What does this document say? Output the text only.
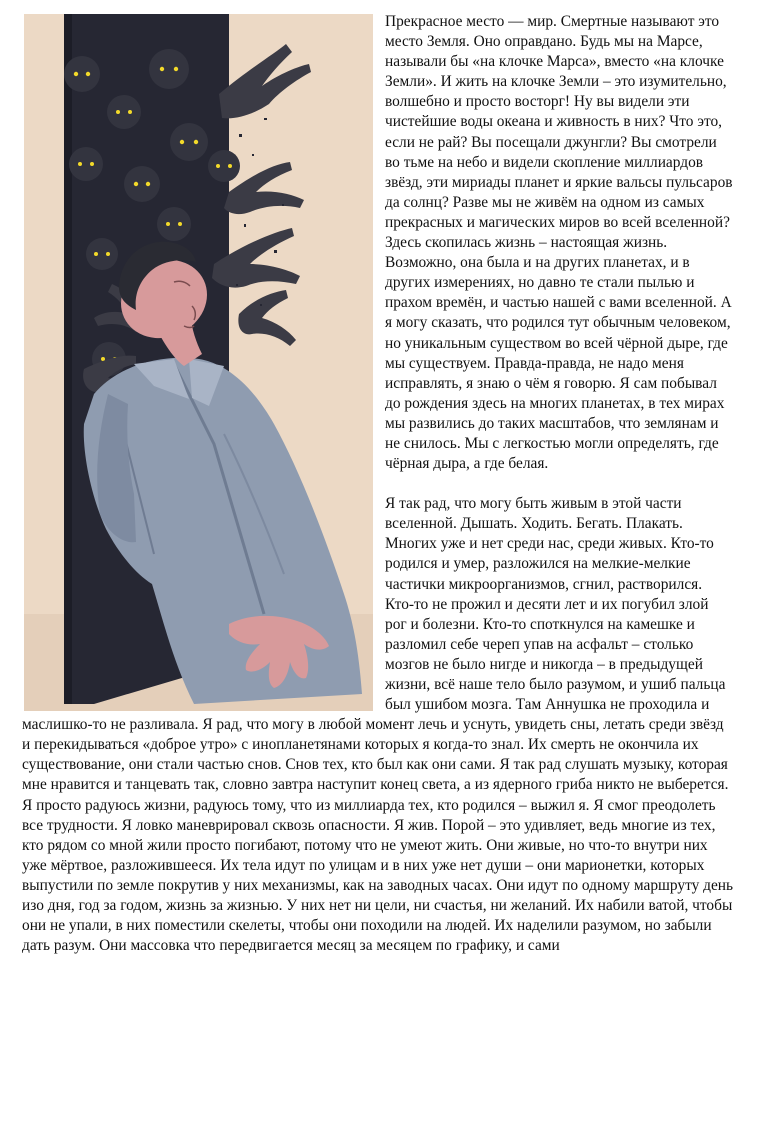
Прекрасное место — мир. Смертные называют это место Земля. Оно оправдано. Будь мы на Марсе, называли бы «на клочке Марса», вместо «на клочке Земли». И жить на клочке Земли – это изумительно, волшебно и просто восторг! Ну вы видели эти чистейшие воды океана и живность в них? Что это, если не рай? Вы посещали джунгли? Вы смотрели во тьме на небо и видели скопление миллиардов звёзд, эти мириады планет и яркие вальсы пульсаров да солнц? Разве мы не живём на одном из самых прекрасных и магических миров во всей вселенной? Здесь скопилась жизнь – настоящая жизнь. Возможно, она была и на других планетах, и в других измерениях, но давно те стали пылью и прахом времён, и частью нашей с вами вселенной. А я могу сказать, что родился тут обычным человеком, но уникальным существом во всей чёрной дыре, где мы существуем. Правда-правда, не надо меня исправлять, я знаю о чём я говорю. Я сам побывал до рождения здесь на многих планетах, в тех мирах мы развились до таких масштабов, что землянам и не снилось. Мы с легкостью могли определять, где чёрная дыра, а где белая.

Я так рад, что могу быть живым в этой части вселенной. Дышать. Ходить. Бегать. Плакать. Многих уже и нет среди нас, среди живых. Кто-то родился и умер, разложился на мелкие-мелкие частички микроорганизмов, сгнил, растворился. Кто-то не прожил и десяти лет и их погубил злой рог и болезни. Кто-то споткнулся на камешке и разломил себе череп упав на асфальт – столько мозгов не было нигде и никогда – в предыдущей жизни, всё наше тело было разумом, и ушиб пальца был ушибом мозга. Там Аннушка не проходила и маслишко-то не разливала. Я рад, что могу в любой момент лечь и уснуть, увидеть сны, летать среди звёзд и перекидываться «доброе утро» с инопланетянами которых я когда-то знал. Их смерть не окончила их существование, они стали частью снов. Снов тех, кто был как они сами. Я так рад слушать музыку, которая мне нравится и танцевать так, словно завтра наступит конец света, а из ядерного гриба никто не выберется. Я просто радуюсь жизни, радуюсь тому, что из миллиарда тех, кто родился – выжил я. Я смог преодолеть все трудности. Я ловко маневрировал сквозь опасности. Я жив. Порой – это удивляет, ведь многие из тех, кто рядом со мной жили просто погибают, потому что не умеют жить. Они живые, но что-то внутри них уже мёртвое, разложившееся. Их тела идут по улицам и в них уже нет души – они марионетки, которых выпустили по земле покрутив у них механизмы, как на заводных часах. Они идут по одному маршруту день изо дня, год за годом, жизнь за жизнью. У них нет ни цели, ни счастья, ни желаний. Их набили ватой, чтобы они не упали, в них поместили скелеты, чтобы они походили на людей. Их наделили разумом, но забыли дать разум. Они массовка что передвигается месяц за месяцем по графику, и сами
